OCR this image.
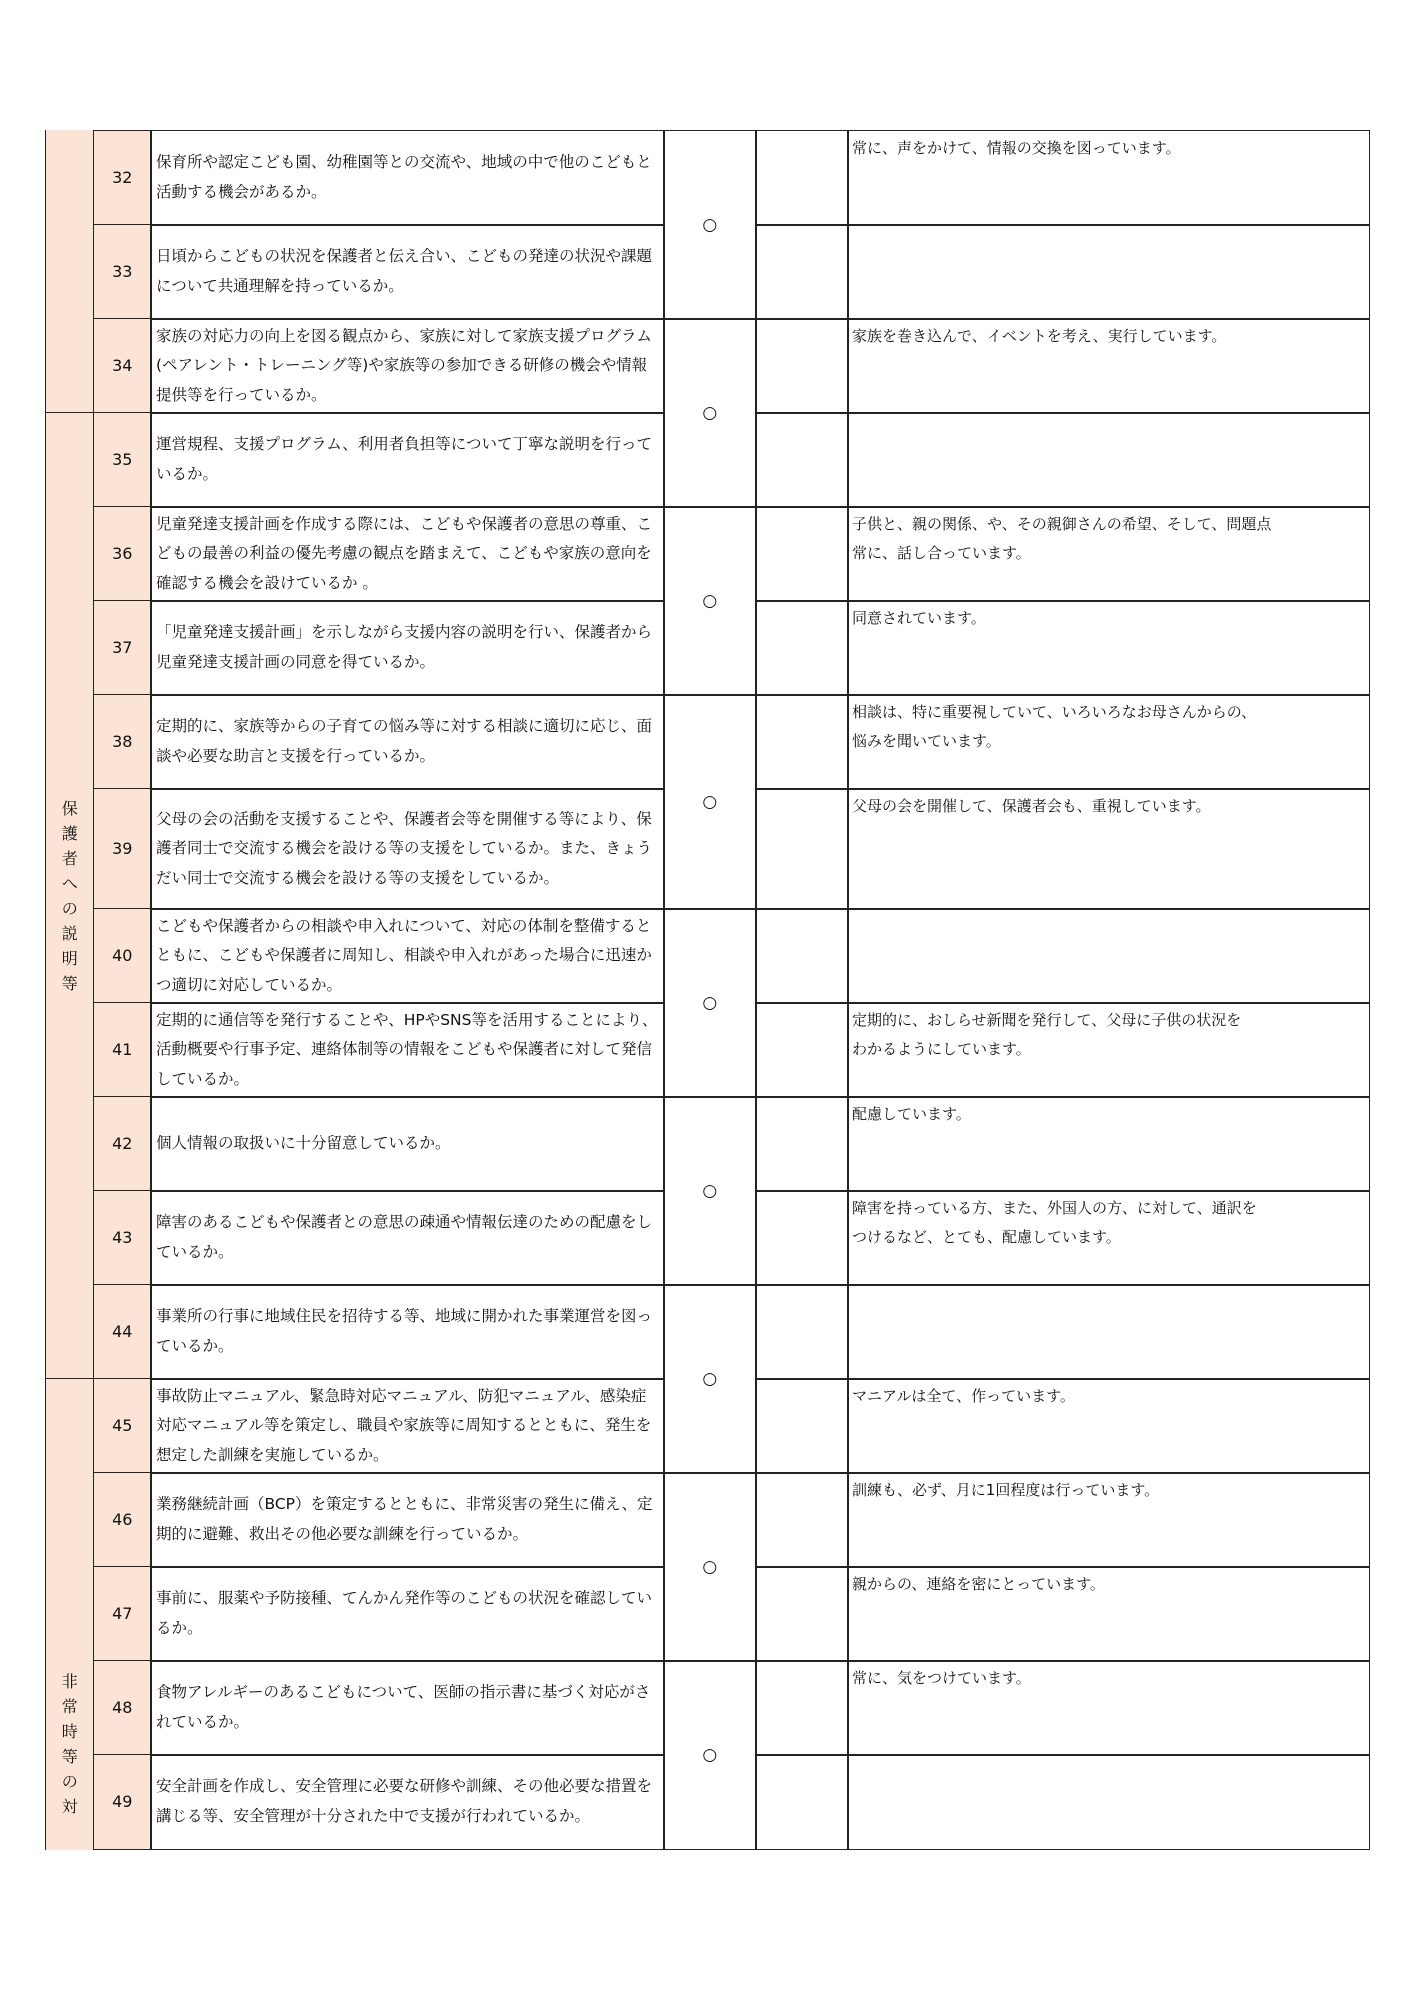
保
護
者
へ
の
説
明
等
非
常
時
等
の
対
32
保育所や認定こども園、幼稚園等との交流や、地域の中で他のこどもと活動する機会があるか。
常に、声をかけて、情報の交換を図っています。
33
日頃からこどもの状況を保護者と伝え合い、こどもの発達の状況や課題について共通理解を持っているか。
34
家族の対応力の向上を図る観点から、家族に対して家族支援プログラム(ペアレント・トレーニング等)や家族等の参加できる研修の機会や情報提供等を行っているか。
家族を巻き込んで、イベントを考え、実行しています。
35
運営規程、支援プログラム、利用者負担等について丁寧な説明を行っているか。
36
児童発達支援計画を作成する際には、こどもや保護者の意思の尊重、こどもの最善の利益の優先考慮の観点を踏まえて、こどもや家族の意向を確認する機会を設けているか 。
子供と、親の関係、や、その親御さんの希望、そして、問題点
常に、話し合っています。
37
「児童発達支援計画」を示しながら支援内容の説明を行い、保護者から児童発達支援計画の同意を得ているか。
同意されています。
38
定期的に、家族等からの子育ての悩み等に対する相談に適切に応じ、面談や必要な助言と支援を行っているか。
相談は、特に重要視していて、いろいろなお母さんからの、
悩みを聞いています。
39
父母の会の活動を支援することや、保護者会等を開催する等により、保護者同士で交流する機会を設ける等の支援をしているか。また、きょうだい同士で交流する機会を設ける等の支援をしているか。
父母の会を開催して、保護者会も、重視しています。
40
こどもや保護者からの相談や申入れについて、対応の体制を整備するとともに、こどもや保護者に周知し、相談や申入れがあった場合に迅速かつ適切に対応しているか。
41
定期的に通信等を発行することや、HPやSNS等を活用することにより、活動概要や行事予定、連絡体制等の情報をこどもや保護者に対して発信しているか。
定期的に、おしらせ新聞を発行して、父母に子供の状況を
わかるようにしています。
42 個人情報の取扱いに十分留意しているか。
配慮しています。
43
障害のあるこどもや保護者との意思の疎通や情報伝達のための配慮をしているか。
障害を持っている方、また、外国人の方、に対して、通訳を
つけるなど、とても、配慮しています。
44
事業所の行事に地域住民を招待する等、地域に開かれた事業運営を図っているか。
45
事故防止マニュアル、緊急時対応マニュアル、防犯マニュアル、感染症対応マニュアル等を策定し、職員や家族等に周知するとともに、発生を想定した訓練を実施しているか。
マニアルは全て、作っています。
46
業務継続計画（BCP）を策定するとともに、非常災害の発生に備え、定期的に避難、救出その他必要な訓練を行っているか。
訓練も、必ず、月に1回程度は行っています。
47
事前に、服薬や予防接種、てんかん発作等のこどもの状況を確認しているか。
親からの、連絡を密にとっています。
48
食物アレルギーのあるこどもについて、医師の指示書に基づく対応がされているか。
常に、気をつけています。
49
安全計画を作成し、安全管理に必要な研修や訓練、その他必要な措置を講じる等、安全管理が十分された中で支援が行われているか。
○
○
○
○
○
○
○
○
○
